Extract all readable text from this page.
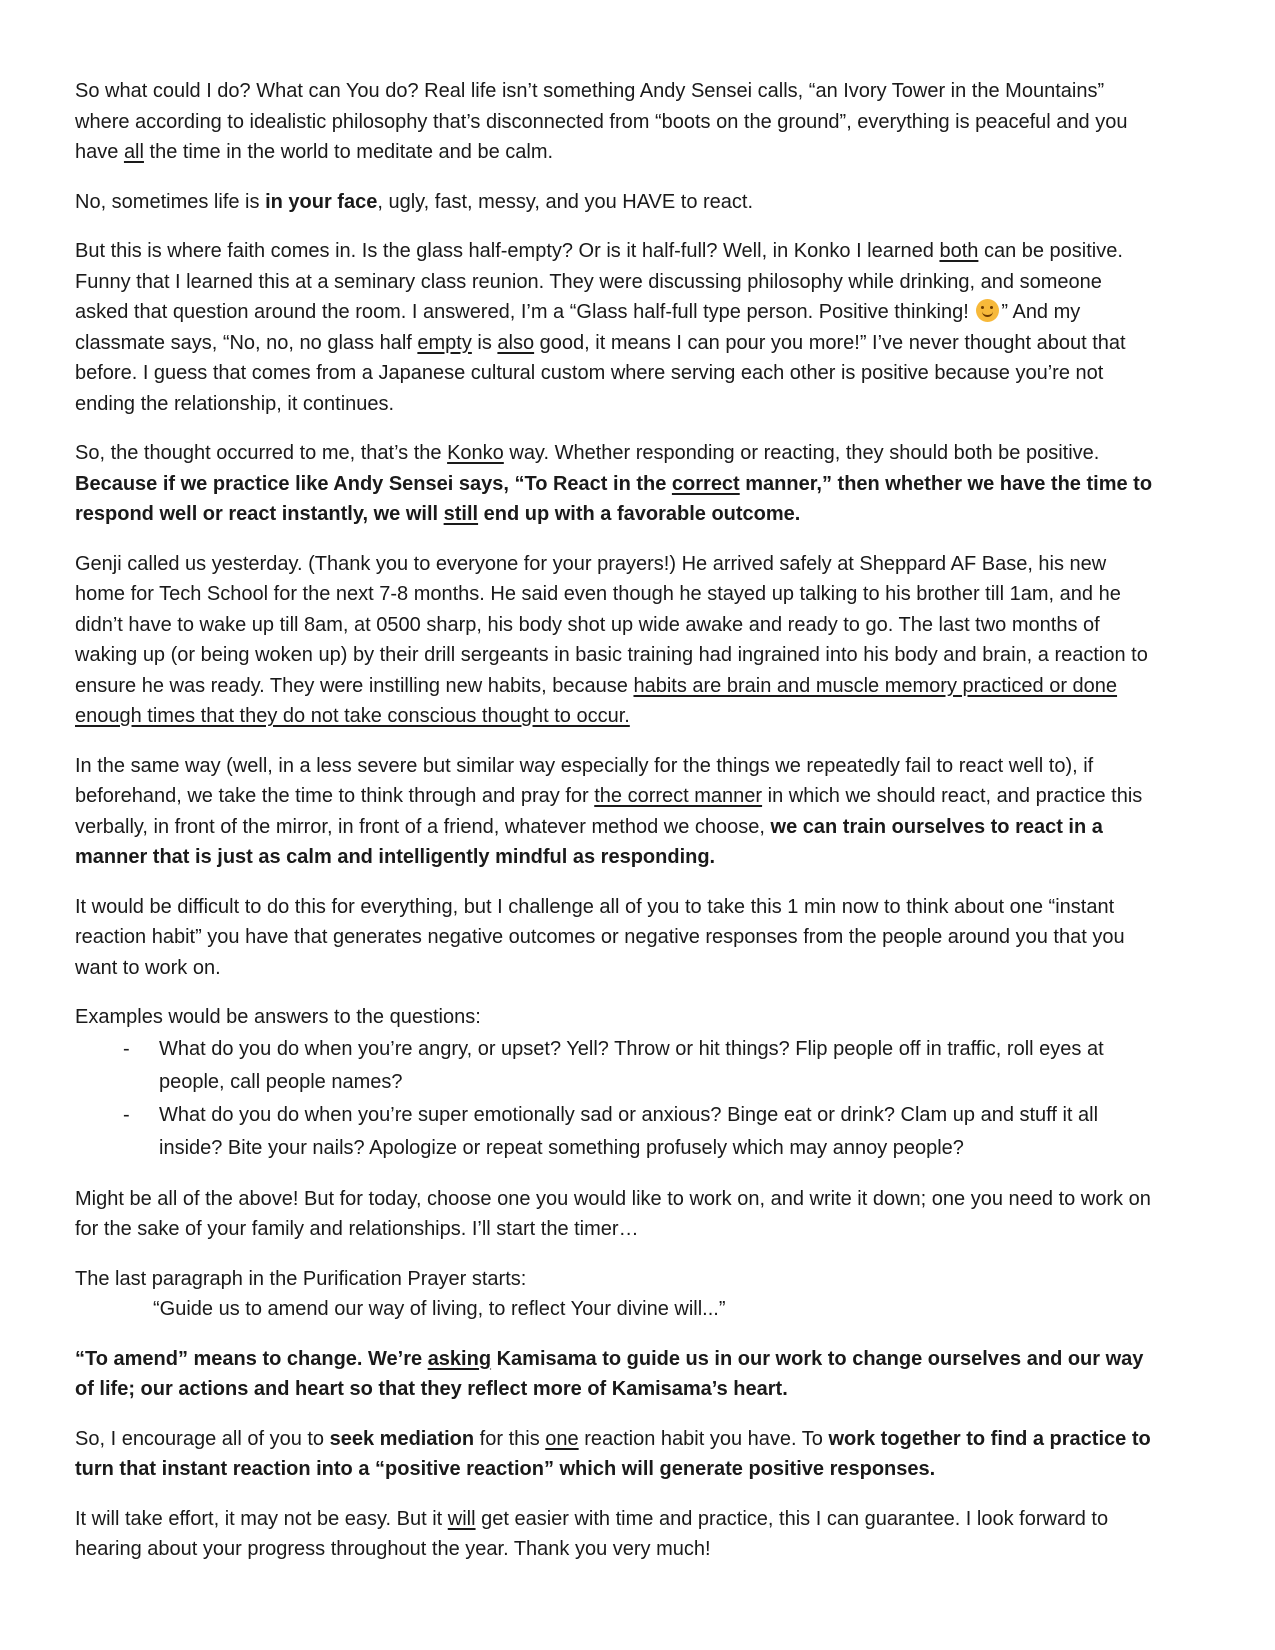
So what could I do? What can You do? Real life isn’t something Andy Sensei calls, “an Ivory Tower in the Mountains” where according to idealistic philosophy that’s disconnected from “boots on the ground”, everything is peaceful and you have all the time in the world to meditate and be calm.

No, sometimes life is in your face, ugly, fast, messy, and you HAVE to react.

But this is where faith comes in. Is the glass half-empty? Or is it half-full? Well, in Konko I learned both can be positive. Funny that I learned this at a seminary class reunion. They were discussing philosophy while drinking, and someone asked that question around the room. I answered, I’m a “Glass half-full type person. Positive thinking! ” And my classmate says, “No, no, no glass half empty is also good, it means I can pour you more!” I’ve never thought about that before. I guess that comes from a Japanese cultural custom where serving each other is positive because you’re not ending the relationship, it continues.

So, the thought occurred to me, that’s the Konko way. Whether responding or reacting, they should both be positive. Because if we practice like Andy Sensei says, “To React in the correct manner,” then whether we have the time to respond well or react instantly, we will still end up with a favorable outcome.

Genji called us yesterday. (Thank you to everyone for your prayers!) He arrived safely at Sheppard AF Base, his new home for Tech School for the next 7-8 months. He said even though he stayed up talking to his brother till 1am, and he didn’t have to wake up till 8am, at 0500 sharp, his body shot up wide awake and ready to go. The last two months of waking up (or being woken up) by their drill sergeants in basic training had ingrained into his body and brain, a reaction to ensure he was ready. They were instilling new habits, because habits are brain and muscle memory practiced or done enough times that they do not take conscious thought to occur.

In the same way (well, in a less severe but similar way especially for the things we repeatedly fail to react well to), if beforehand, we take the time to think through and pray for the correct manner in which we should react, and practice this verbally, in front of the mirror, in front of a friend, whatever method we choose, we can train ourselves to react in a manner that is just as calm and intelligently mindful as responding.

It would be difficult to do this for everything, but I challenge all of you to take this 1 min now to think about one “instant reaction habit” you have that generates negative outcomes or negative responses from the people around you that you want to work on.

Examples would be answers to the questions:

- What do you do when you’re angry, or upset? Yell? Throw or hit things? Flip people off in traffic, roll eyes at people, call people names?
- What do you do when you’re super emotionally sad or anxious? Binge eat or drink? Clam up and stuff it all inside? Bite your nails? Apologize or repeat something profusely which may annoy people?

Might be all of the above! But for today, choose one you would like to work on, and write it down; one you need to work on for the sake of your family and relationships. I’ll start the timer…

The last paragraph in the Purification Prayer starts:

“Guide us to amend our way of living, to reflect Your divine will...”

“To amend” means to change. We’re asking Kamisama to guide us in our work to change ourselves and our way of life; our actions and heart so that they reflect more of Kamisama’s heart.

So, I encourage all of you to seek mediation for this one reaction habit you have. To work together to find a practice to turn that instant reaction into a “positive reaction” which will generate positive responses.

It will take effort, it may not be easy. But it will get easier with time and practice, this I can guarantee. I look forward to hearing about your progress throughout the year. Thank you very much!
